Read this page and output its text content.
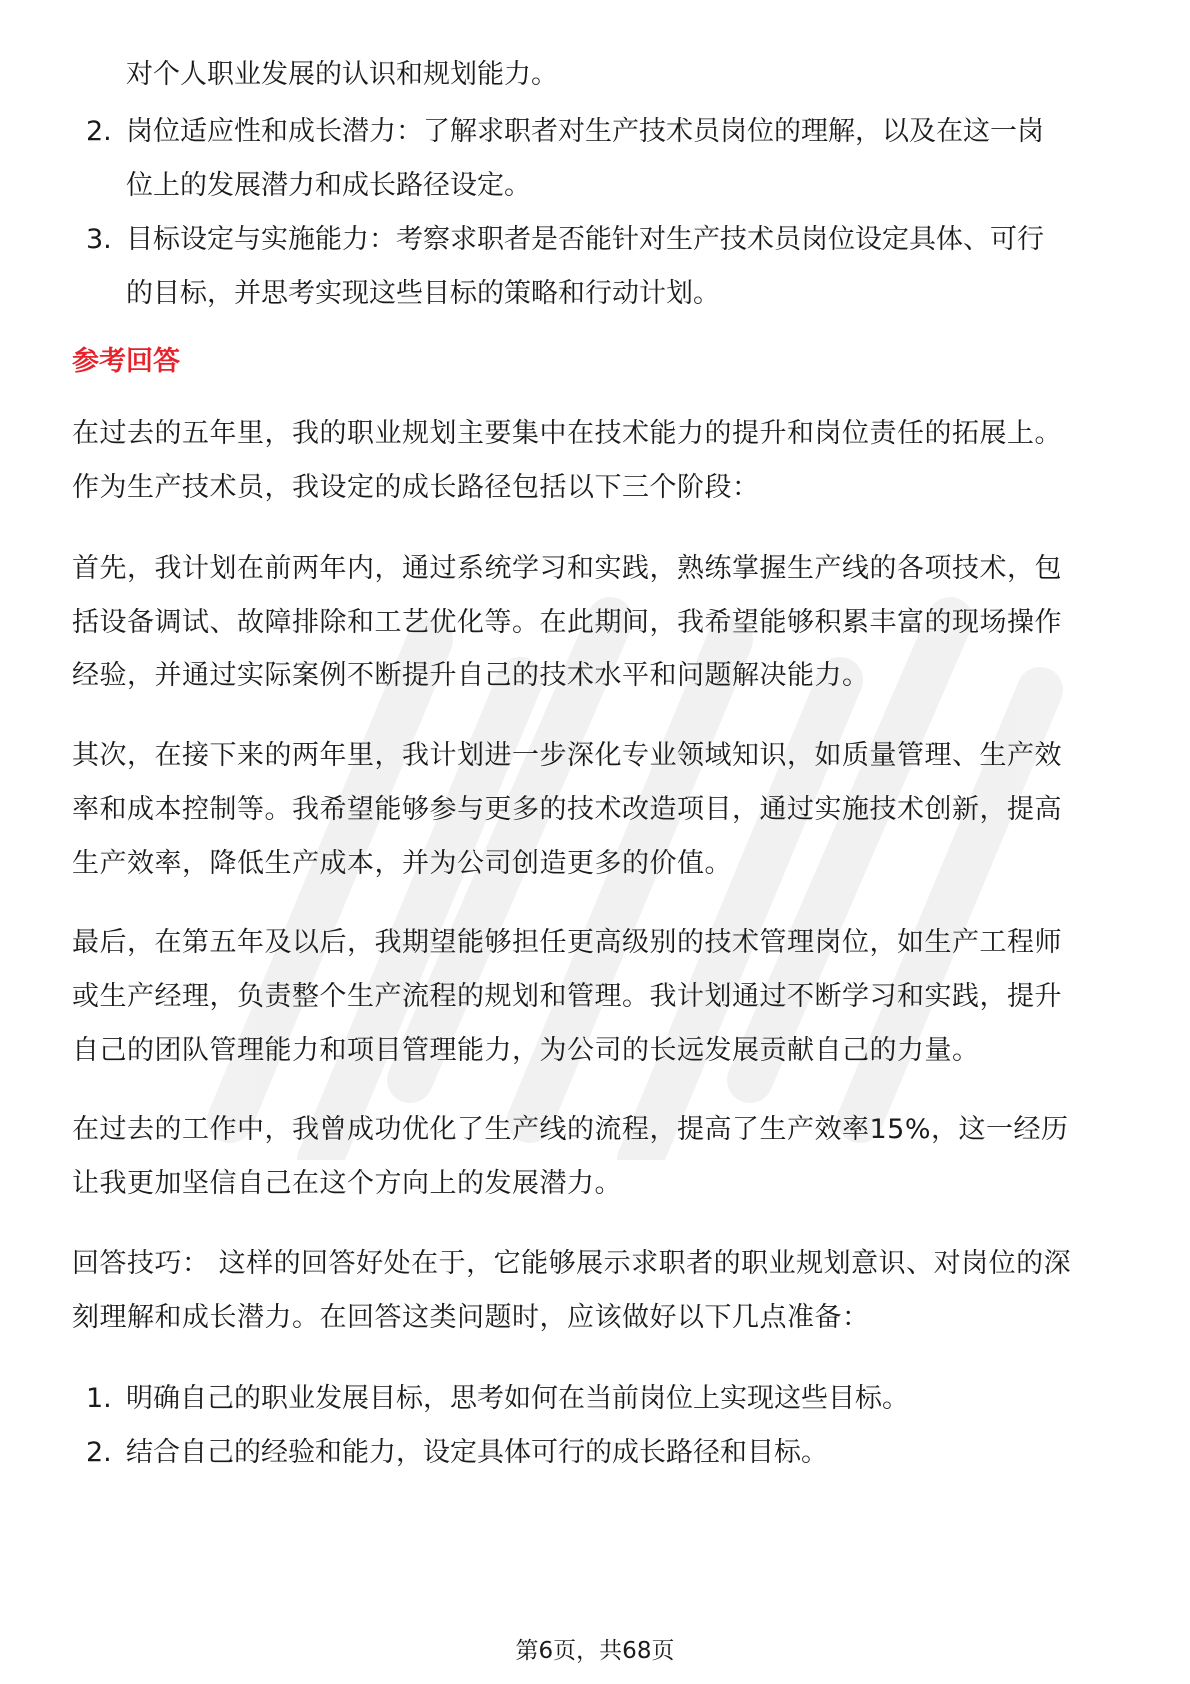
对个人职业发展的认识和规划能力。
2. 岗位适应性和成长潜力：了解求职者对生产技术员岗位的理解，以及在这一岗
位上的发展潜力和成长路径设定。
3. 目标设定与实施能力：考察求职者是否能针对生产技术员岗位设定具体、可行
的目标，并思考实现这些目标的策略和行动计划。
参考回答
在过去的五年里，我的职业规划主要集中在技术能力的提升和岗位责任的拓展上。
作为生产技术员，我设定的成长路径包括以下三个阶段：
首先，我计划在前两年内，通过系统学习和实践，熟练掌握生产线的各项技术，包
括设备调试、故障排除和工艺优化等。在此期间，我希望能够积累丰富的现场操作
经验，并通过实际案例不断提升自己的技术水平和问题解决能力。
其次，在接下来的两年里，我计划进一步深化专业领域知识，如质量管理、生产效
率和成本控制等。我希望能够参与更多的技术改造项目，通过实施技术创新，提高
生产效率，降低生产成本，并为公司创造更多的价值。
最后，在第五年及以后，我期望能够担任更高级别的技术管理岗位，如生产工程师
或生产经理，负责整个生产流程的规划和管理。我计划通过不断学习和实践，提升
自己的团队管理能力和项目管理能力，为公司的长远发展贡献自己的力量。
在过去的工作中，我曾成功优化了生产线的流程，提高了生产效率15%，这一经历
让我更加坚信自己在这个方向上的发展潜力。
回答技巧： 这样的回答好处在于，它能够展示求职者的职业规划意识、对岗位的深
刻理解和成长潜力。在回答这类问题时，应该做好以下几点准备：
1. 明确自己的职业发展目标，思考如何在当前岗位上实现这些目标。
2. 结合自己的经验和能力，设定具体可行的成长路径和目标。
第6页，共68页
